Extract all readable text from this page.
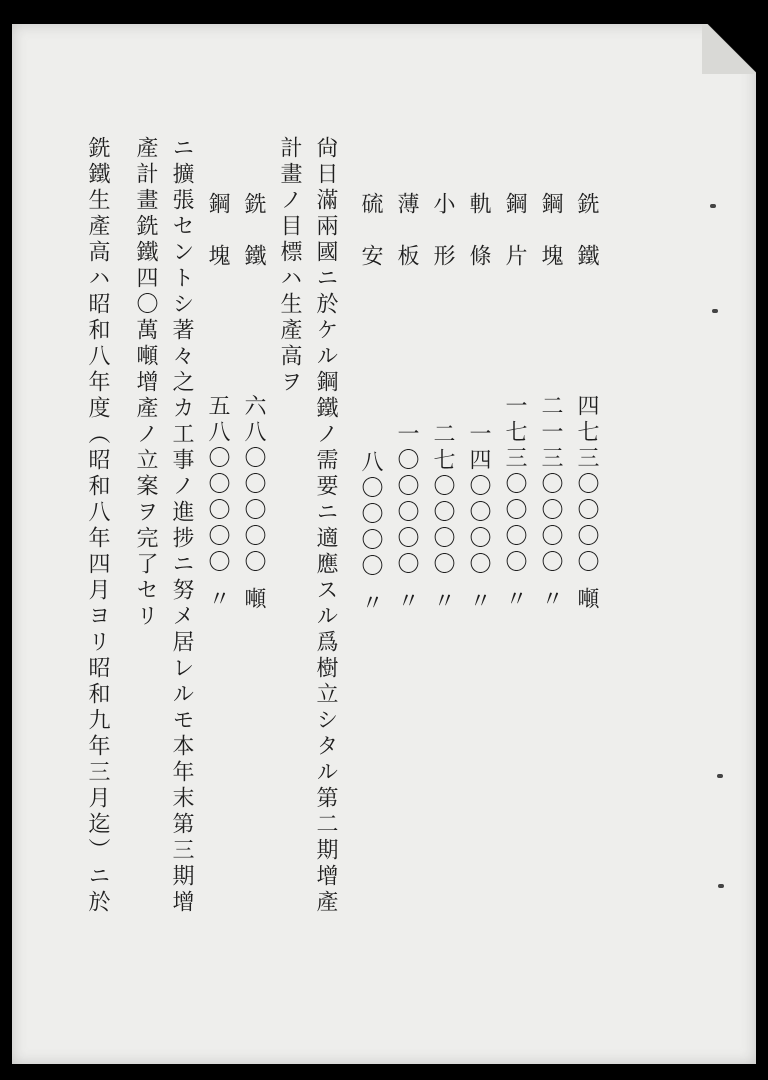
銑　鐵
四七三〇〇〇〇 噸
鋼　塊
二一三〇〇〇〇 〃
鋼　片
一七三〇〇〇〇 〃
軌　條
一四〇〇〇〇 〃
小　形
二七〇〇〇〇 〃
薄　板
一〇〇〇〇〇 〃
硫　安
八〇〇〇〇 〃
尙日滿兩國ニ於ケル鋼鐵ノ需要ニ適應スル爲樹立シタル第二期增產
計畫ノ目標ハ生產高ヲ
銑　鐵
六八〇〇〇〇〇 噸
鋼　塊
五八〇〇〇〇〇 〃
ニ擴張セントシ著々之カ工事ノ進捗ニ努メ居レルモ本年末第三期增
產計畫銑鐵四〇萬噸增產ノ立案ヲ完了セリ
銑鐵生產高ハ昭和八年度（昭和八年四月ヨリ昭和九年三月迄）ニ於
